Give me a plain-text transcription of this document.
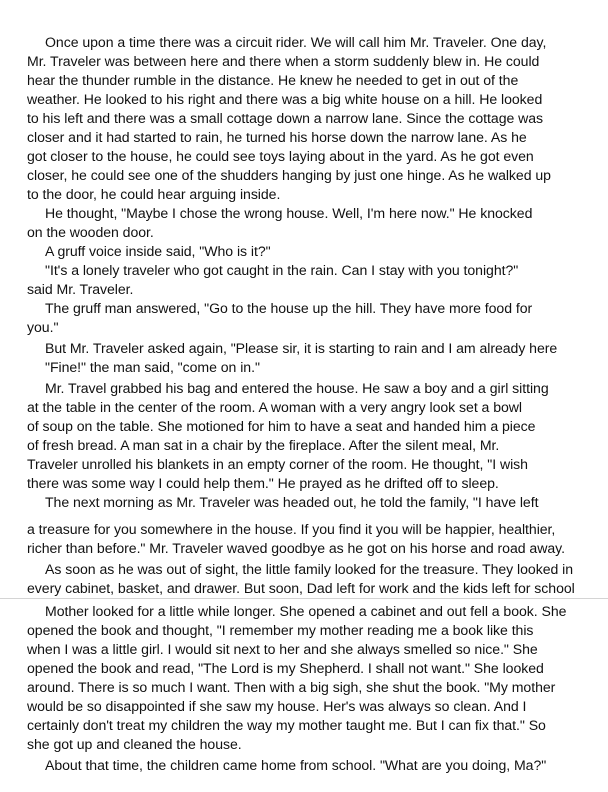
Once upon a time there was a circuit rider. We will call him Mr. Traveler. One day,
Mr. Traveler was between here and there when a storm suddenly blew in. He could
hear the thunder rumble in the distance. He knew he needed to get in out of the
weather. He looked to his right and there was a big white house on a hill. He looked
to his left and there was a small cottage down a narrow lane. Since the cottage was
closer and it had started to rain, he turned his horse down the narrow lane. As he
got closer to the house, he could see toys laying about in the yard. As he got even
closer, he could see one of the shudders hanging by just one hinge. As he walked up
to the door, he could hear arguing inside.
He thought, "Maybe I chose the wrong house. Well, I'm here now." He knocked
on the wooden door.
A gruff voice inside said, "Who is it?"
"It's a lonely traveler who got caught in the rain. Can I stay with you tonight?"
said Mr. Traveler.
The gruff man answered, "Go to the house up the hill. They have more food for
you."
But Mr. Traveler asked again, "Please sir, it is starting to rain and I am already here
"Fine!" the man said, "come on in."
Mr. Travel grabbed his bag and entered the house. He saw a boy and a girl sitting
at the table in the center of the room. A woman with a very angry look set a bowl
of soup on the table. She motioned for him to have a seat and handed him a piece
of fresh bread. A man sat in a chair by the fireplace. After the silent meal, Mr.
Traveler unrolled his blankets in an empty corner of the room. He thought, "I wish
there was some way I could help them." He prayed as he drifted off to sleep.
The next morning as Mr. Traveler was headed out, he told the family, "I have left
a treasure for you somewhere in the house. If you find it you will be happier, healthier,
richer than before." Mr. Traveler waved goodbye as he got on his horse and road away.
As soon as he was out of sight, the little family looked for the treasure. They looked in
every cabinet, basket, and drawer. But soon, Dad left for work and the kids left for school
Mother looked for a little while longer. She opened a cabinet and out fell a book. She
opened the book and thought, "I remember my mother reading me a book like this
when I was a little girl. I would sit next to her and she always smelled so nice." She
opened the book and read, "The Lord is my Shepherd. I shall not want." She looked
around. There is so much I want. Then with a big sigh, she shut the book. "My mother
would be so disappointed if she saw my house. Her's was always so clean. And I
certainly don't treat my children the way my mother taught me. But I can fix that." So
she got up and cleaned the house.
About that time, the children came home from school. "What are you doing, Ma?"
